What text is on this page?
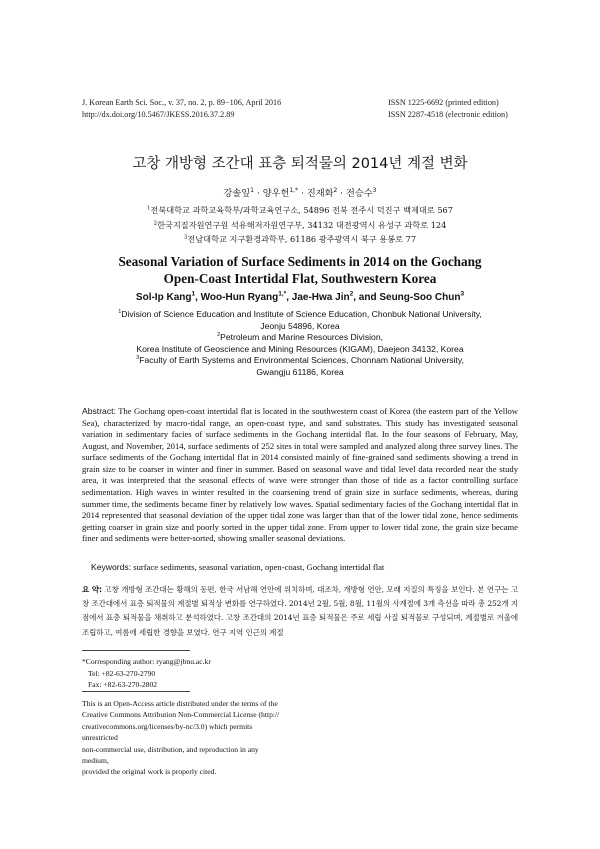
J. Korean Earth Sci. Soc., v. 37, no. 2, p. 89−106, April 2016
http://dx.doi.org/10.5467/JKESS.2016.37.2.89
ISSN 1225-6692 (printed edition)
ISSN 2287-4518 (electronic edition)
고창 개방형 조간대 표층 퇴적물의 2014년 계절 변화
강솔잎$^1$ · 양우헌$^{1,*}$ · 진재화$^2$ · 전승수$^3$
$^1$전북대학교 과학교육학부/과학교육연구소, 54896 전북 전주시 덕진구 백제대로 567
$^2$한국지질자원연구원 석유해저자원연구부, 34132 대전광역시 유성구 과학로 124
$^3$전남대학교 지구환경과학부, 61186 광주광역시 북구 용봉로 77
Seasonal Variation of Surface Sediments in 2014 on the Gochang
Open-Coast Intertidal Flat, Southwestern Korea
Sol-Ip Kang$^1$, Woo-Hun Ryang$^{1,*}$, Jae-Hwa Jin$^2$, and Seung-Soo Chun$^3$
$^1$Division of Science Education and Institute of Science Education, Chonbuk National University,
Jeonju 54896, Korea
$^2$Petroleum and Marine Resources Division,
Korea Institute of Geoscience and Mining Resources (KIGAM), Daejeon 34132, Korea
$^3$Faculty of Earth Systems and Environmental Sciences, Chonnam National University,
Gwangju 61186, Korea
Abstract: The Gochang open-coast intertidal flat is located in the southwestern coast of Korea (the eastern part of the Yellow Sea), characterized by macro-tidal range, an open-coast type, and sand substrates. This study has investigated seasonal variation in sedimentary facies of surface sediments in the Gochang intertidal flat. In the four seasons of February, May, August, and November, 2014, surface sediments of 252 sites in total were sampled and analyzed along three survey lines. The surface sediments of the Gochang intertidal flat in 2014 consisted mainly of fine-grained sand sediments showing a trend in grain size to be coarser in winter and finer in summer. Based on seasonal wave and tidal level data recorded near the study area, it was interpreted that the seasonal effects of wave were stronger than those of tide as a factor controlling surface sedimentation. High waves in winter resulted in the coarsening trend of grain size in surface sediments, whereas, during summer time, the sediments became finer by relatively low waves. Spatial sedimentary facies of the Gochang intertidal flat in 2014 represented that seasonal deviation of the upper tidal zone was larger than that of the lower tidal zone, hence sediments getting coarser in grain size and poorly sorted in the upper tidal zone. From upper to lower tidal zone, the grain size became finer and sediments were better-sorted, showing smaller seasonal deviations.
Keywords: surface sediments, seasonal variation, open-coast, Gochang intertidal flat
요 약: 고창 개방형 조간대는 황해의 동편, 한국 서남해 연안에 위치하며, 대조차, 개방형 연안, 모래 지질의 특징을 보인다. 본 연구는 고창 조간대에서 표층 퇴적물의 계절별 퇴적상 변화를 연구하였다. 2014년 2월, 5월, 8월, 11월의 사계절에 3개 측선을 따라 총 252개 지점에서 표층 퇴적물을 채취하고 분석하였다. 고창 조간대의 2014년 표층 퇴적물은 주로 세립 사질 퇴적물로 구성되며, 계절별로 겨울에 조립하고, 여름에 세립한 경향을 보였다. 연구 지역 인근의 계절
*Corresponding author: ryang@jbnu.ac.kr
Tel: +82-63-270-2790
Fax: +82-63-270-2802
This is an Open-Access article distributed under the terms of the
Creative Commons Attribution Non-Commercial License (http://
creativecommons.org/licenses/by-nc/3.0) which permits unrestricted
non-commercial use, distribution, and reproduction in any medium,
provided the original work is properly cited.
